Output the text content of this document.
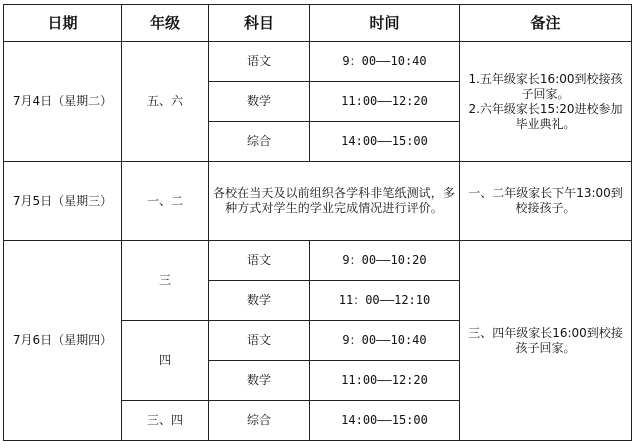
日期	年级	科目	时间	备注
7月4日（星期二）	五、六	语文	9：00——10:40	1.五年级家长16:00到校接孩子回家。
2.六年级家长15:20进校参加毕业典礼。

		数学	11:00——12:20	
		综合	14:00——15:00	
7月5日（星期三）	一、二	各校在当天及以前组织各学科非笔纸测试，多种方式对学生的学业完成情况进行评价。		一、二年级家长下午13:00到校接孩子。
7月6日（星期四）	三	语文	9：00——10:20	三、四年级家长16:00到校接孩子回家。
		数学	11：00——12:10	
	四	语文	9：00——10:40	
		数学	11:00——12:20	
	三、四	综合	14:00——15:00	
